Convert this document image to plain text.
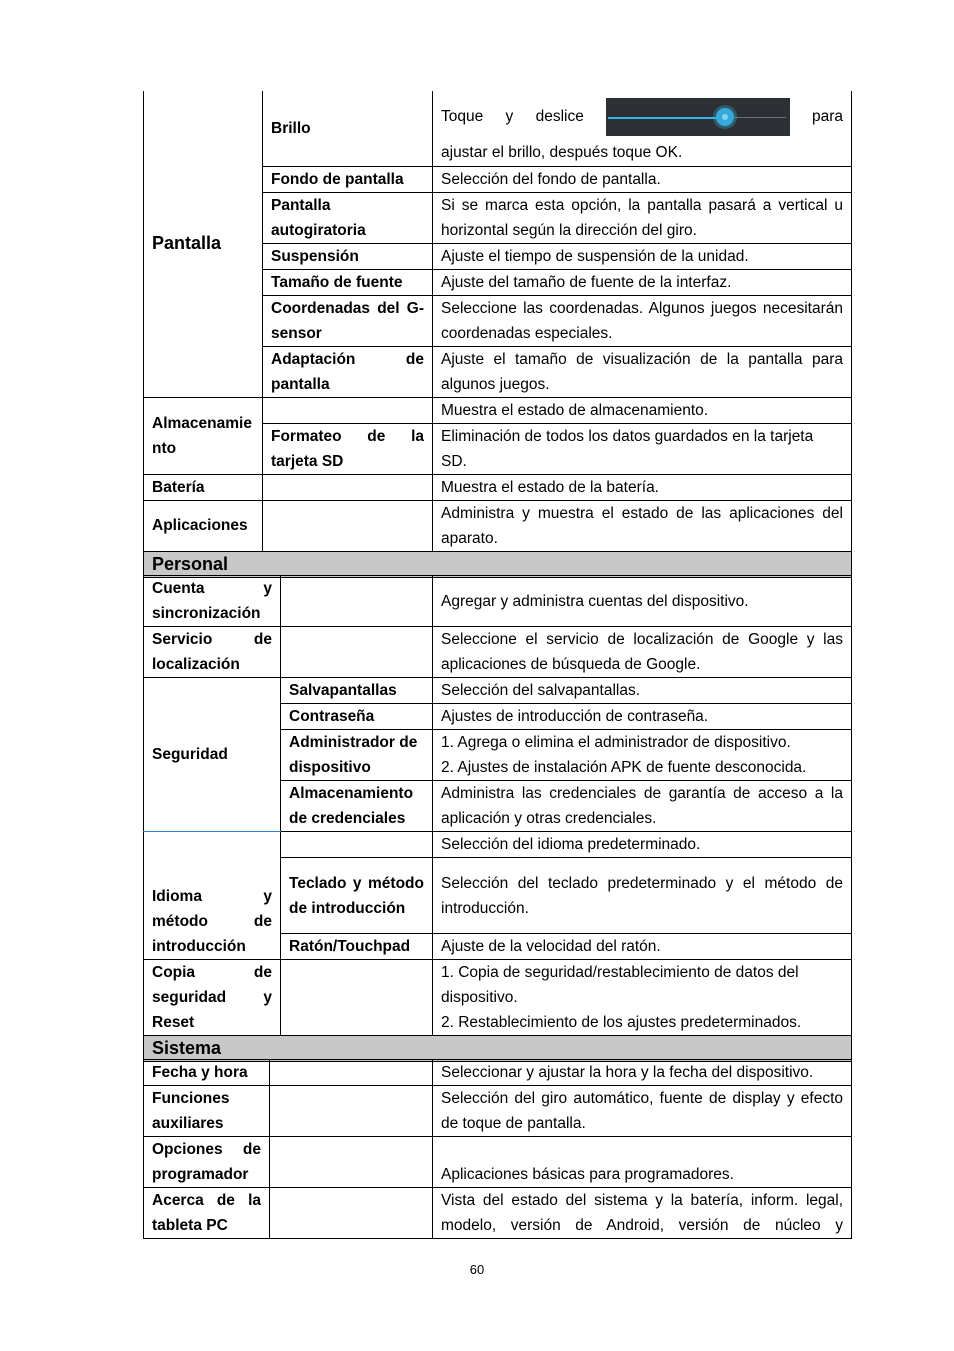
Pantalla	Brillo	Toque y deslice para
ajustar el brillo, después toque OK.

	Fondo de pantalla	Selección del fondo de pantalla.
	Pantalla autogiratoria	Si se marca esta opción, la pantalla pasará a vertical u horizontal según la dirección del giro.
	Suspensión	Ajuste el tiempo de suspensión de la unidad.
	Tamaño de fuente	Ajuste del tamaño de fuente de la interfaz.
	Coordenadas del G-sensor	Seleccione las coordenadas. Algunos juegos necesitarán coordenadas especiales.
	Adaptación de pantalla	Ajuste el tamaño de visualización de la pantalla para algunos juegos.
Almacenamiento		Muestra el estado de almacenamiento.
	Formateo de la tarjeta SD	Eliminación de todos los datos guardados en la tarjeta SD.
Batería		Muestra el estado de la batería.
Aplicaciones		Administra y muestra el estado de las aplicaciones del aparato.
Personal		
Cuenta y sincronización		Agregar y administra cuentas del dispositivo.
Servicio de localización		Seleccione el servicio de localización de Google y las aplicaciones de búsqueda de Google.
Seguridad	Salvapantallas	Selección del salvapantallas.
	Contraseña	Ajustes de introducción de contraseña.
	Administrador de dispositivo	1. Agrega o elimina el administrador de dispositivo.
2. Ajustes de instalación APK de fuente desconocida.

	Almacenamiento de credenciales	Administra las credenciales de garantía de acceso a la aplicación y otras credenciales.
Idioma y método de introducción		Selección del idioma predeterminado.
	Teclado y método de introducción	Selección del teclado predeterminado y el método de introducción.
	Ratón/Touchpad	Ajuste de la velocidad del ratón.
Copia de seguridad y Reset		1. Copia de seguridad/restablecimiento de datos del dispositivo.
2. Restablecimiento de los ajustes predeterminados.

Sistema		
Fecha y hora		Seleccionar y ajustar la hora y la fecha del dispositivo.
Funciones auxiliares		Selección del giro automático, fuente de display y efecto de toque de pantalla.
Opciones de programador		Aplicaciones básicas para programadores.
Acerca de la tableta PC		Vista del estado del sistema y la batería, inform. legal, modelo, versión de Android, versión de núcleo y
60
